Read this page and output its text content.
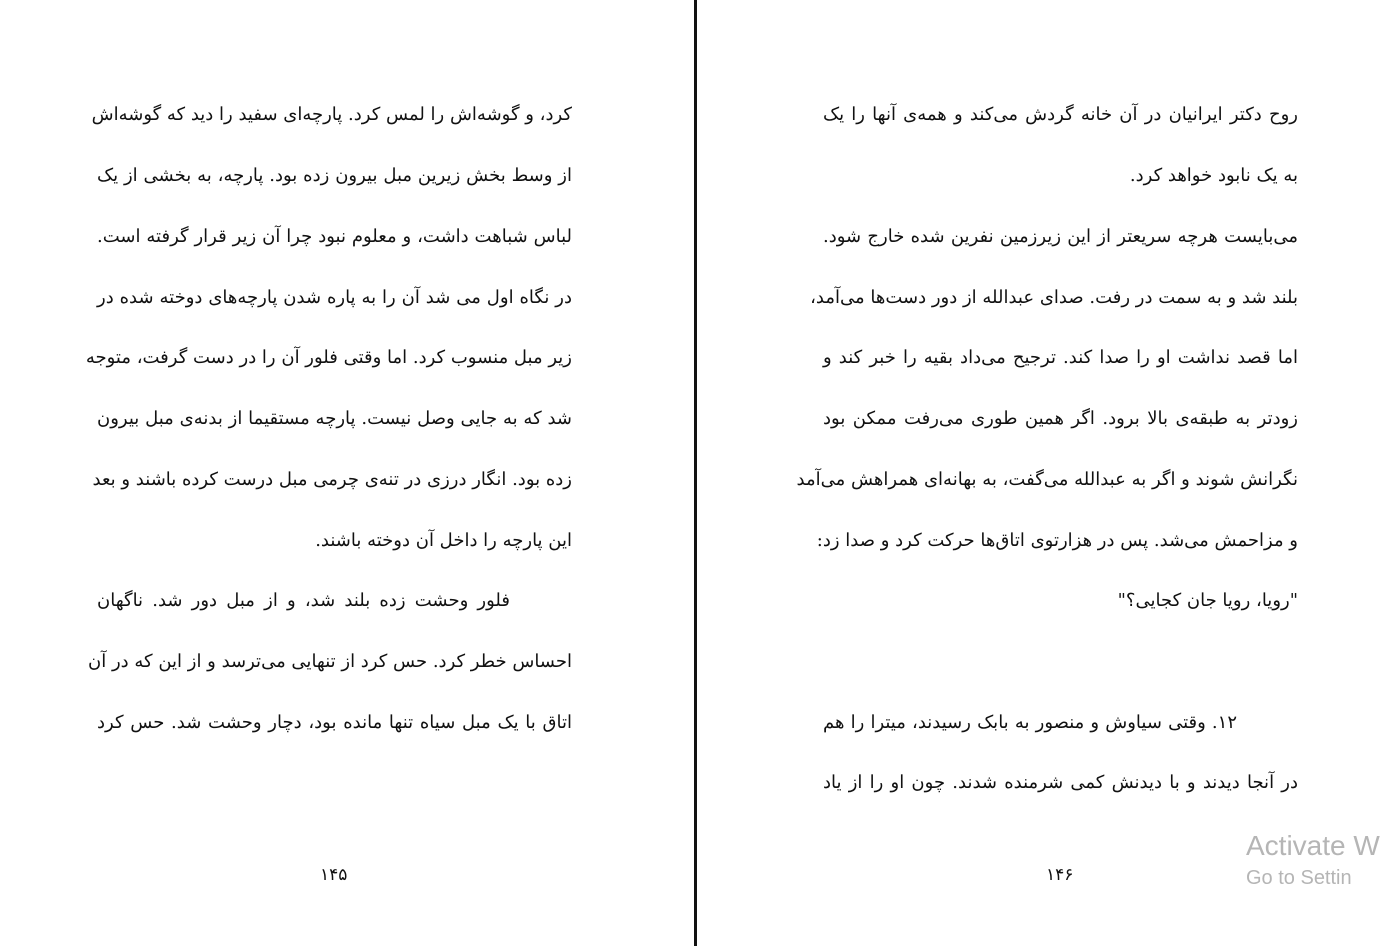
کرد، و گوشه‌اش را لمس کرد. پارچه‌ای سفید را دید که گوشه‌اش
از وسط بخش زیرین مبل بیرون زده بود. پارچه، به بخشی از یک
لباس شباهت داشت، و معلوم نبود چرا آن زیر قرار گرفته است.
در نگاه اول می شد آن را به پاره شدن پارچه‌های دوخته شده در
زیر مبل منسوب کرد. اما وقتی فلور آن را در دست گرفت، متوجه
شد که به جایی وصل نیست. پارچه مستقیما از بدنه‌ی مبل بیرون
زده بود. انگار درزی در تنه‌ی چرمی مبل درست کرده باشند و بعد
این پارچه را داخل آن دوخته باشند.
فلور وحشت زده بلند شد، و از مبل دور شد. ناگهان
احساس خطر کرد. حس کرد از تنهایی می‌ترسد و از این که در آن
اتاق با یک مبل سیاه تنها مانده بود، دچار وحشت شد. حس کرد
۱۴۵
روح دکتر ایرانیان در آن خانه گردش می‌کند و همه‌ی آنها را یک
به یک نابود خواهد کرد.
می‌بایست هرچه سریعتر از این زیرزمین نفرین شده خارج شود.
بلند شد و به سمت در رفت. صدای عبدالله از دور دست‌ها می‌آمد،
اما قصد نداشت او را صدا کند. ترجیح می‌داد بقیه را خبر کند و
زودتر به طبقه‌ی بالا برود. اگر همین طوری می‌رفت ممکن بود
نگرانش شوند و اگر به عبدالله می‌گفت، به بهانه‌ای همراهش می‌آمد
و مزاحمش می‌شد. پس در هزارتوی اتاق‌ها حرکت کرد و صدا زد:
"رویا، رویا جان کجایی؟"
۱۲. وقتی سیاوش و منصور به بابک رسیدند، میترا را هم
در آنجا دیدند و با دیدنش کمی شرمنده شدند. چون او را از یاد
۱۴۶
Activate W
Go to Settin
